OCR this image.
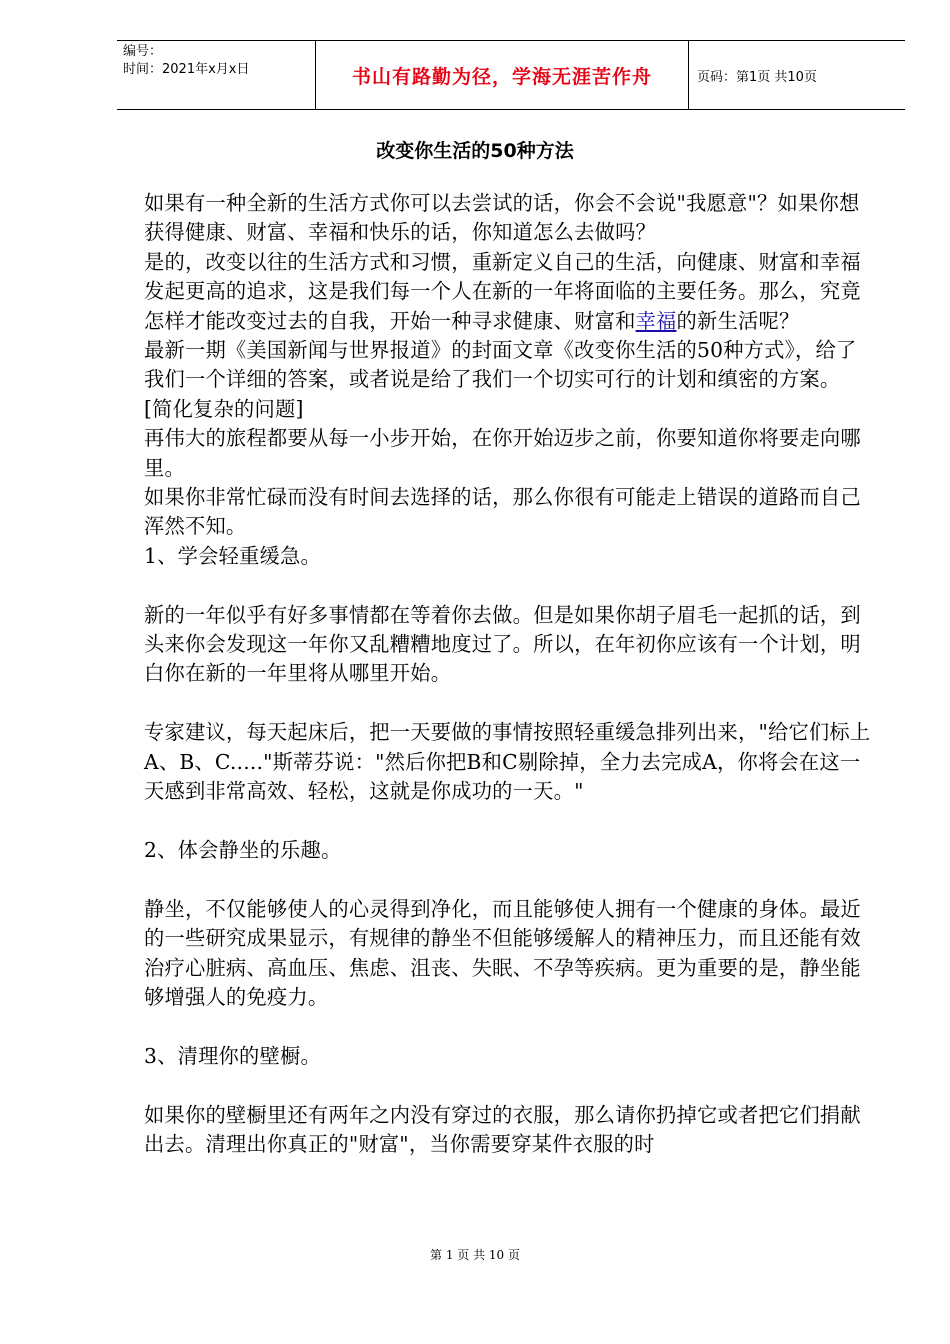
编号：
时间：2021年x月x日	书山有路勤为径，学海无涯苦作舟	页码：第1页 共10页
改变你生活的50种方法

如果有一种全新的生活方式你可以去尝试的话，你会不会说"我愿意"？如果你想获得健康、财富、幸福和快乐的话，你知道怎么去做吗？

是的，改变以往的生活方式和习惯，重新定义自己的生活，向健康、财富和幸福发起更高的追求，这是我们每一个人在新的一年将面临的主要任务。那么，究竟怎样才能改变过去的自我，开始一种寻求健康、财富和幸福的新生活呢？

最新一期《美国新闻与世界报道》的封面文章《改变你生活的50种方式》，给了我们一个详细的答案，或者说是给了我们一个切实可行的计划和缜密的方案。

[简化复杂的问题]

再伟大的旅程都要从每一小步开始，在你开始迈步之前，你要知道你将要走向哪里。

如果你非常忙碌而没有时间去选择的话，那么你很有可能走上错误的道路而自己浑然不知。

1、学会轻重缓急。

新的一年似乎有好多事情都在等着你去做。但是如果你胡子眉毛一起抓的话，到头来你会发现这一年你又乱糟糟地度过了。所以，在年初你应该有一个计划，明白你在新的一年里将从哪里开始。

专家建议，每天起床后，把一天要做的事情按照轻重缓急排列出来，"给它们标上A、B、C....."斯蒂芬说："然后你把B和C剔除掉，全力去完成A，你将会在这一天感到非常高效、轻松，这就是你成功的一天。"

2、体会静坐的乐趣。

静坐，不仅能够使人的心灵得到净化，而且能够使人拥有一个健康的身体。最近的一些研究成果显示，有规律的静坐不但能够缓解人的精神压力，而且还能有效治疗心脏病、高血压、焦虑、沮丧、失眠、不孕等疾病。更为重要的是，静坐能够增强人的免疫力。

3、清理你的壁橱。

如果你的壁橱里还有两年之内没有穿过的衣服，那么请你扔掉它或者把它们捐献出去。清理出你真正的"财富"，当你需要穿某件衣服的时

第 1 页 共 10 页
